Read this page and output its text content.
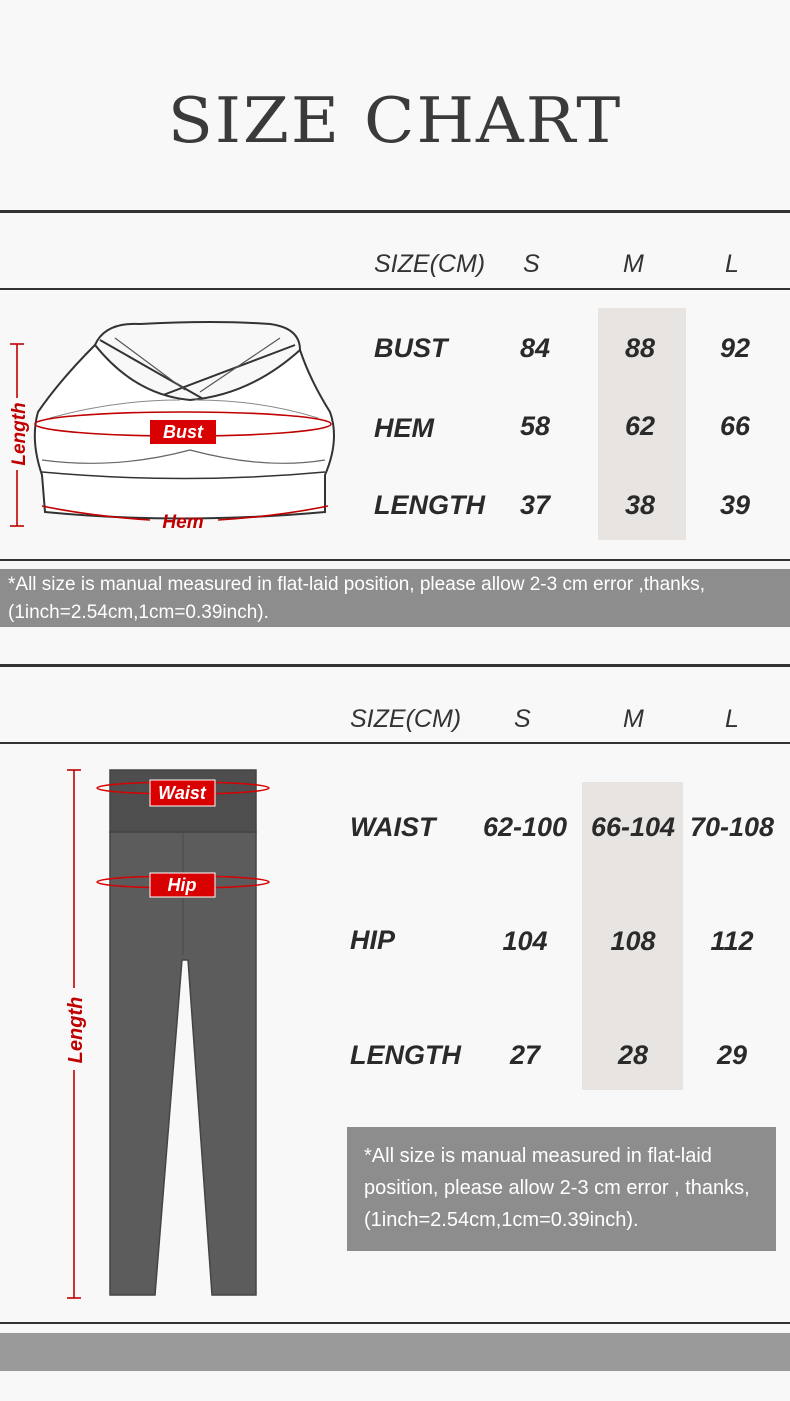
SIZE CHART
SIZE(CM) S	M	L
BUST	84	88	92
HEM	58	62	66
LENGTH	37	38	39
Bust
Hem
Length
*All size is manual measured in flat-laid position, please allow 2-3 cm error ,thanks, (1inch=2.54cm,1cm=0.39inch).
SIZE(CM) S	M	L
WAIST 62-100 66-104 70-108
HIP	104	108	112
LENGTH	27	28	29
*All size is manual measured in flat-laid position, please allow 2-3 cm error , thanks, (1inch=2.54cm,1cm=0.39inch).
Waist
Hip
Length
